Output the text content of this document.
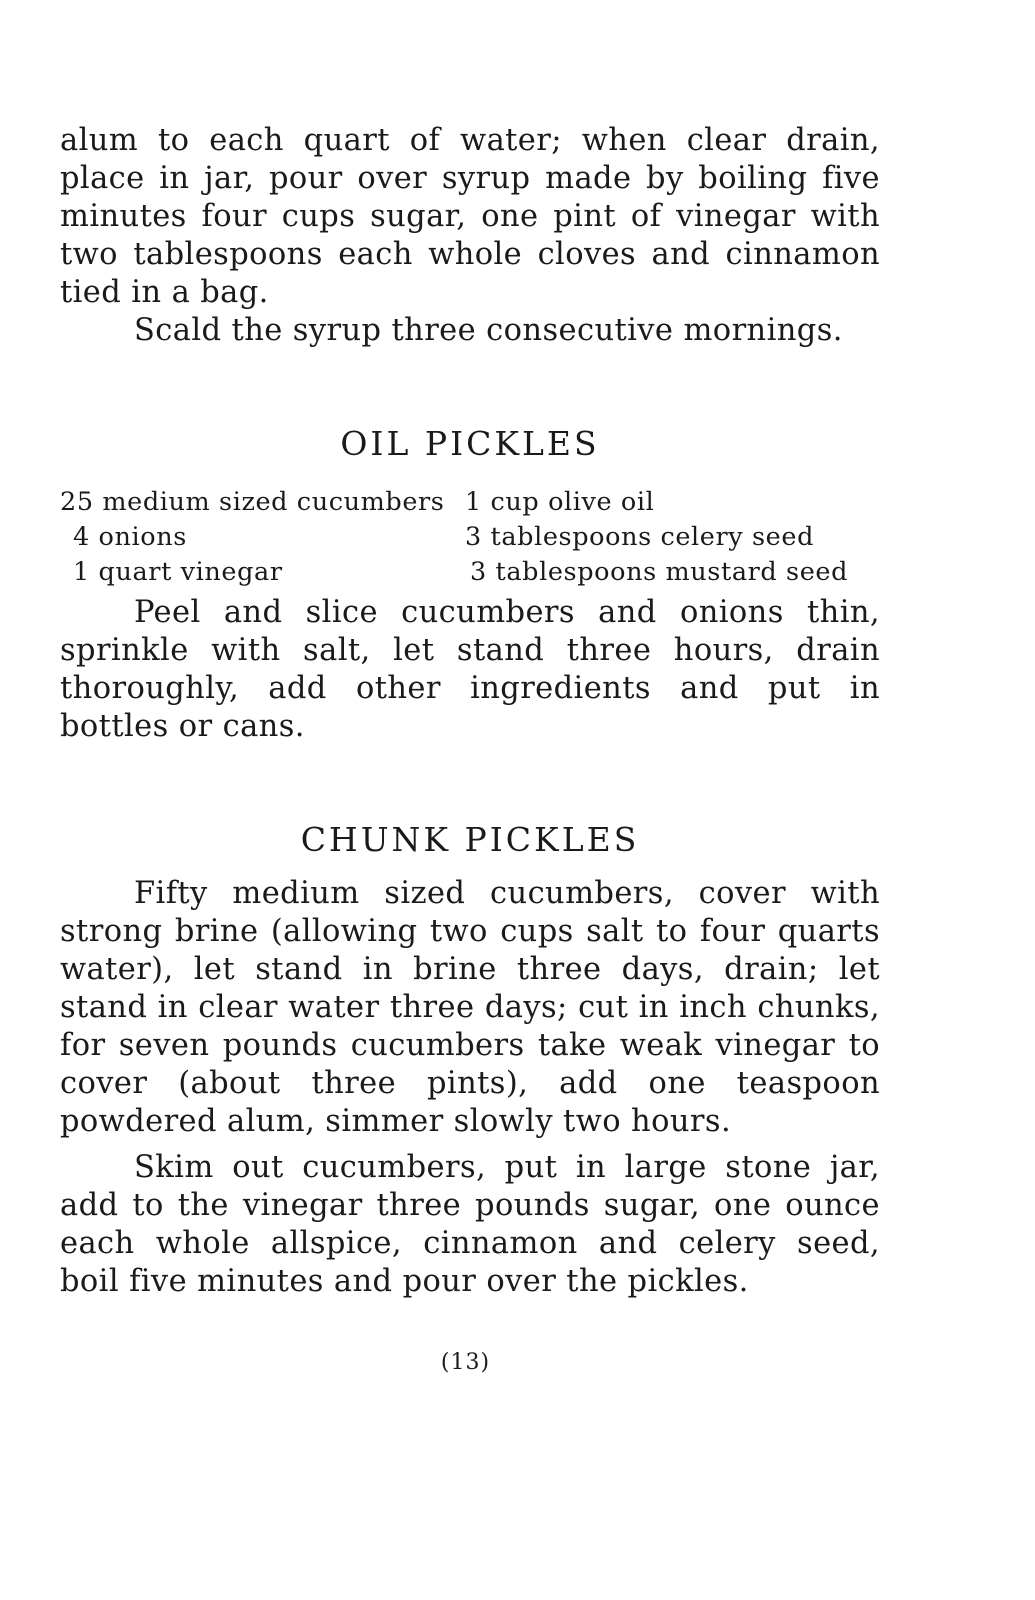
alum to each quart of water; when clear drain, place in jar, pour over syrup made by boiling five minutes four cups sugar, one pint of vinegar with two tablespoons each whole cloves and cinnamon tied in a bag.

Scald the syrup three consecutive mornings.

OIL PICKLES
25 medium sized cucumbers 1 cup olive oil
4 onions	3 tablespoons celery seed
1 quart vinegar	3 tablespoons mustard seed

Peel and slice cucumbers and onions thin, sprinkle with salt, let stand three hours, drain thoroughly, add other ingredients and put in bottles or cans.

CHUNK PICKLES

Fifty medium sized cucumbers, cover with strong brine (allowing two cups salt to four quarts water), let stand in brine three days, drain; let stand in clear water three days; cut in inch chunks, for seven pounds cucumbers take weak vinegar to cover (about three pints), add one teaspoon powdered alum, simmer slowly two hours.

Skim out cucumbers, put in large stone jar, add to the vinegar three pounds sugar, one ounce each whole allspice, cinnamon and celery seed, boil five minutes and pour over the pickles.

(13)
